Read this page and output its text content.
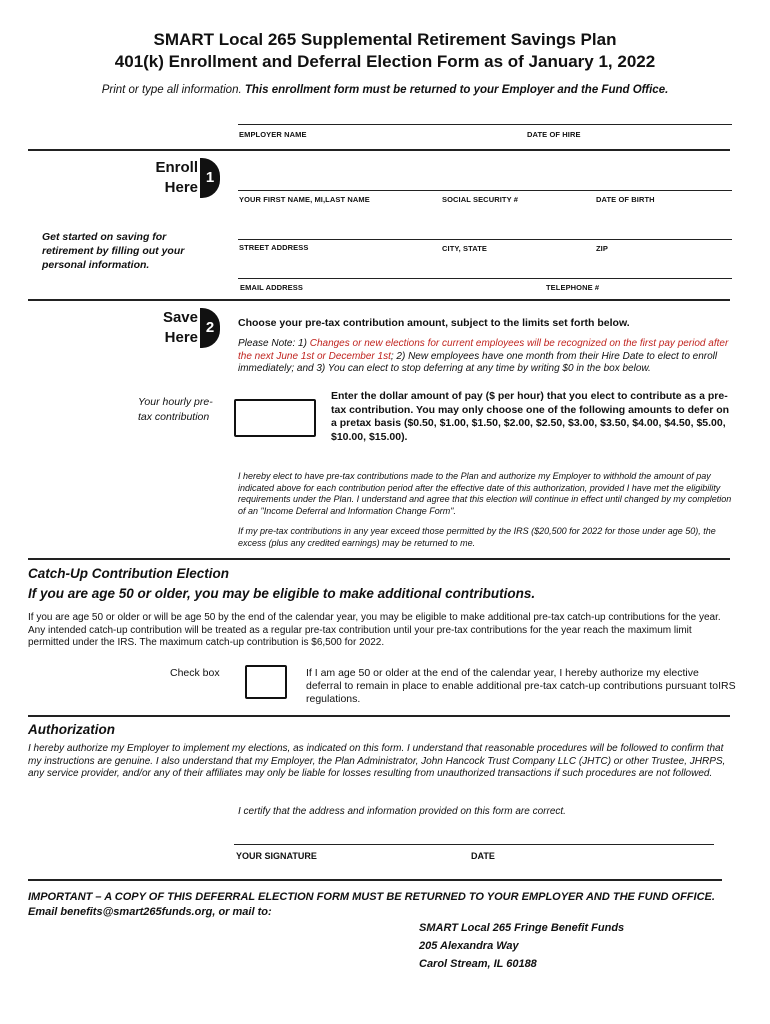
SMART Local 265 Supplemental Retirement Savings Plan
401(k) Enrollment and Deferral Election Form as of January 1, 2022
Print or type all information. This enrollment form must be returned to your Employer and the Fund Office.
EMPLOYER NAME	DATE OF HIRE
Enroll
Here
1
Get started on saving for retirement by filling out your personal information.
YOUR FIRST NAME, MI,LAST NAME	SOCIAL SECURITY #	DATE OF BIRTH
STREET ADDRESS	CITY, STATE	ZIP
EMAIL ADDRESS	TELEPHONE #
Save
Here
2	Choose your pre-tax contribution amount, subject to the limits set forth below.
Please Note: 1) Changes or new elections for current employees will be recognized on the first pay period after the next June 1st or December 1st; 2) New employees have one month from their Hire Date to elect to enroll immediately; and 3) You can elect to stop deferring at any time by writing $0 in the box below.
Your hourly pre-tax contribution
Enter the dollar amount of pay ($ per hour) that you elect to contribute as a pre-tax contribution. You may only choose one of the following amounts to defer on a pretax basis ($0.50, $1.00, $1.50, $2.00, $2.50, $3.00, $3.50, $4.00, $4.50, $5.00, $10.00, $15.00).
I hereby elect to have pre-tax contributions made to the Plan and authorize my Employer to withhold the amount of pay indicated above for each contribution period after the effective date of this authorization, provided I have met the eligibility requirements under the Plan. I understand and agree that this election will continue in effect until changed by my completion of an "Income Deferral and Information Change Form".
If my pre-tax contributions in any year exceed those permitted by the IRS ($20,500 for 2022 for those under age 50), the excess (plus any credited earnings) may be returned to me.
Catch-Up Contribution Election
If you are age 50 or older, you may be eligible to make additional contributions.
If you are age 50 or older or will be age 50 by the end of the calendar year, you may be eligible to make additional pre-tax catch-up contributions for the year. Any intended catch-up contribution will be treated as a regular pre-tax contribution until your pre-tax contributions for the year reach the maximum limit permitted under the IRS. The maximum catch-up contribution is $6,500 for 2022.
Check box	If I am age 50 or older at the end of the calendar year, I hereby authorize my elective deferral to remain in place to enable additional pre-tax catch-up contributions pursuant toIRS regulations.
Authorization
I hereby authorize my Employer to implement my elections, as indicated on this form. I understand that reasonable procedures will be followed to confirm that my instructions are genuine. I also understand that my Employer, the Plan Administrator, John Hancock Trust Company LLC (JHTC) or other Trustee, JHRPS, any service provider, and/or any of their affiliates may only be liable for losses resulting from unauthorized transactions if such procedures are not followed.
I certify that the address and information provided on this form are correct.
YOUR SIGNATURE	DATE
IMPORTANT – A COPY OF THIS DEFERRAL ELECTION FORM MUST BE RETURNED TO YOUR EMPLOYER AND THE FUND OFFICE. Email benefits@smart265funds.org, or mail to:
SMART Local 265 Fringe Benefit Funds
205 Alexandra Way
Carol Stream, IL 60188
